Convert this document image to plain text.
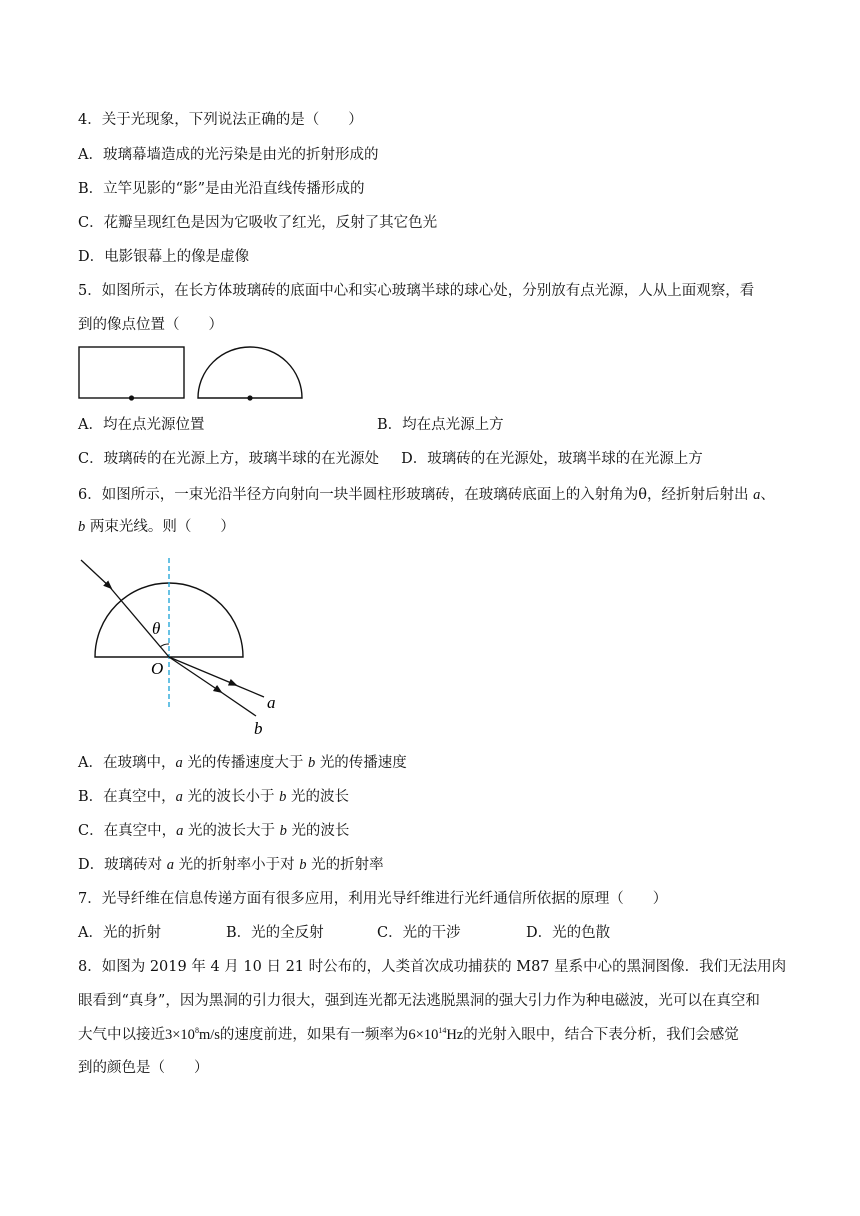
4．关于光现象，下列说法正确的是（　　）
A．玻璃幕墙造成的光污染是由光的折射形成的
B．立竿见影的“影”是由光沿直线传播形成的
C．花瓣呈现红色是因为它吸收了红光，反射了其它色光
D．电影银幕上的像是虚像
5．如图所示，在长方体玻璃砖的底面中心和实心玻璃半球的球心处，分别放有点光源，人从上面观察，看
到的像点位置（　　）
A．均在点光源位置	B．均在点光源上方
C．玻璃砖的在光源上方，玻璃半球的在光源处 D．玻璃砖的在光源处，玻璃半球的在光源上方
6．如图所示，一束光沿半径方向射向一块半圆柱形玻璃砖，在玻璃砖底面上的入射角为θ，经折射后射出 a、
b 两束光线。则（　　）
θ
O
a
b
A．在玻璃中，a 光的传播速度大于 b 光的传播速度
B．在真空中，a 光的波长小于 b 光的波长
C．在真空中，a 光的波长大于 b 光的波长
D．玻璃砖对 a 光的折射率小于对 b 光的折射率
7．光导纤维在信息传递方面有很多应用，利用光导纤维进行光纤通信所依据的原理（　　）
A．光的折射	B．光的全反射	C．光的干涉	D．光的色散
8．如图为 2019 年 4 月 10 日 21 时公布的，人类首次成功捕获的 M87 星系中心的黑洞图像．我们无法用肉
眼看到“真身”，因为黑洞的引力很大，强到连光都无法逃脱黑洞的强大引力作为种电磁波，光可以在真空和
大气中以接近$3\times 10^8m/s$的速度前进，如果有一频率为$6\times 10^{14}Hz$的光射入眼中，结合下表分析，我们会感觉
到的颜色是（　　）
